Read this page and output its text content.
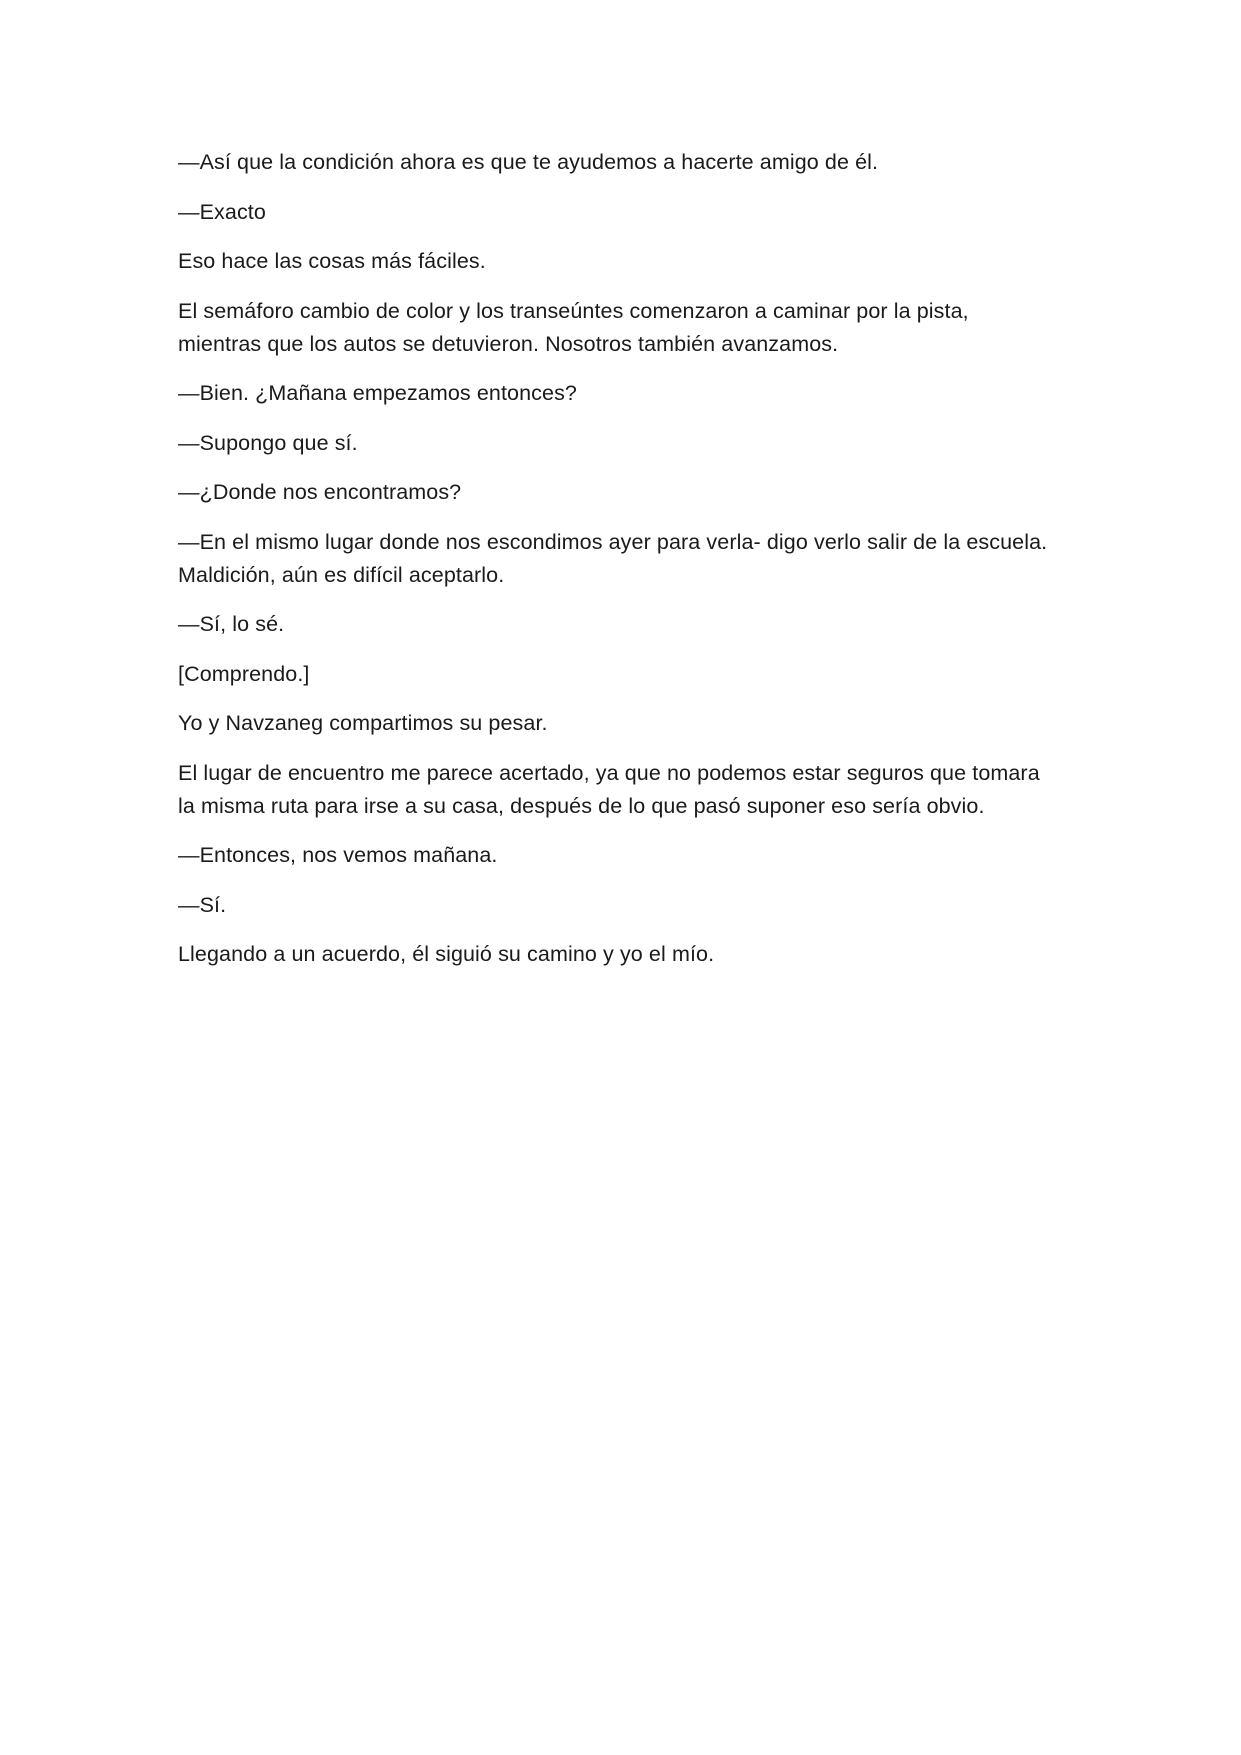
—Así que la condición ahora es que te ayudemos a hacerte amigo de él.

—Exacto

Eso hace las cosas más fáciles.

El semáforo cambio de color y los transeúntes comenzaron a caminar por la pista, mientras que los autos se detuvieron. Nosotros también avanzamos.

—Bien. ¿Mañana empezamos entonces?

—Supongo que sí.

—¿Donde nos encontramos?

—En el mismo lugar donde nos escondimos ayer para verla- digo verlo salir de la escuela. Maldición, aún es difícil aceptarlo.

—Sí, lo sé.

[Comprendo.]

Yo y Navzaneg compartimos su pesar.

El lugar de encuentro me parece acertado, ya que no podemos estar seguros que tomara la misma ruta para irse a su casa, después de lo que pasó suponer eso sería obvio.

—Entonces, nos vemos mañana.

—Sí.

Llegando a un acuerdo, él siguió su camino y yo el mío.
